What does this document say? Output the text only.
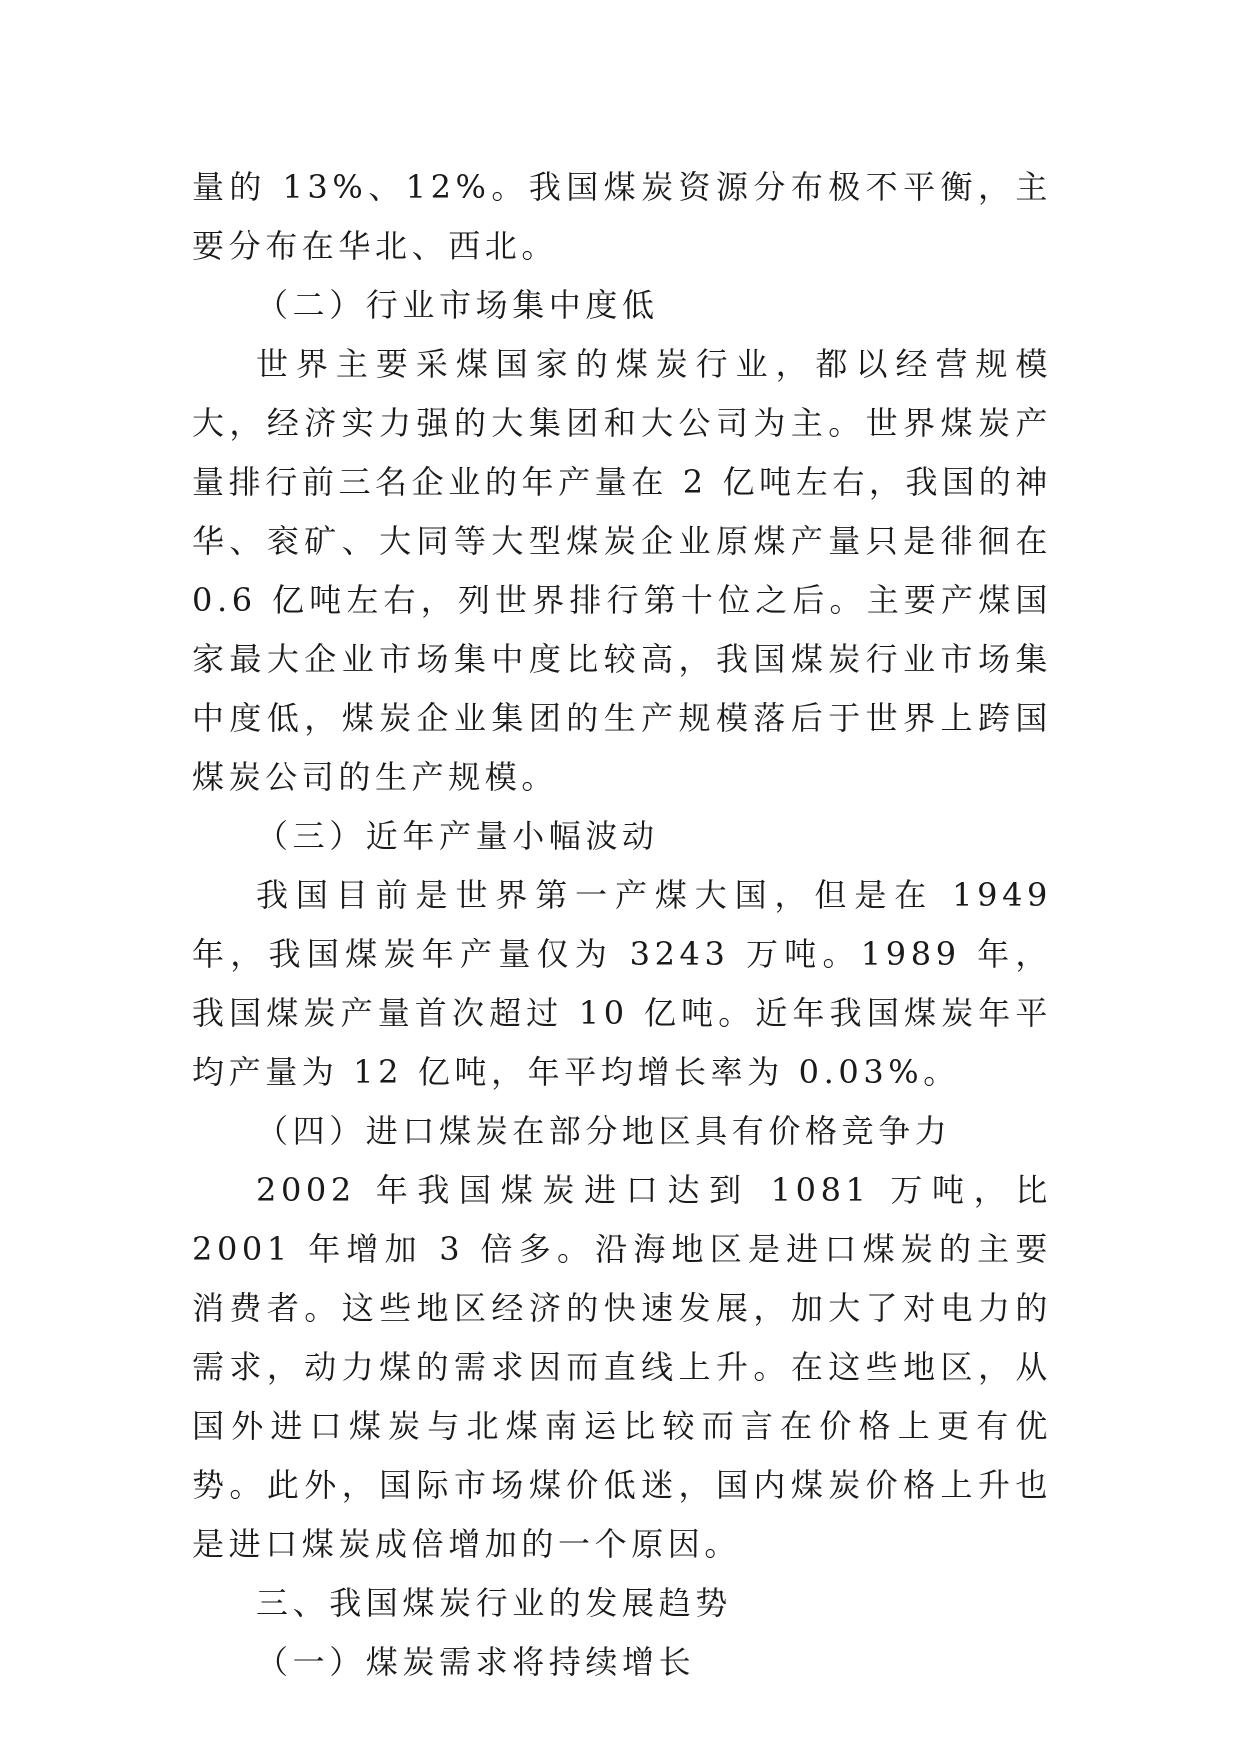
量的 13%、12%。我国煤炭资源分布极不平衡，主要分布在华北、西北。

（二）行业市场集中度低

世界主要采煤国家的煤炭行业，都以经营规模大，经济实力强的大集团和大公司为主。世界煤炭产量排行前三名企业的年产量在 2 亿吨左右，我国的神华、衮矿、大同等大型煤炭企业原煤产量只是徘徊在 0.6 亿吨左右，列世界排行第十位之后。主要产煤国家最大企业市场集中度比较高，我国煤炭行业市场集中度低，煤炭企业集团的生产规模落后于世界上跨国煤炭公司的生产规模。

（三）近年产量小幅波动

我国目前是世界第一产煤大国，但是在 1949 年，我国煤炭年产量仅为 3243 万吨。1989 年，我国煤炭产量首次超过 10 亿吨。近年我国煤炭年平均产量为 12 亿吨，年平均增长率为 0.03%。

（四）进口煤炭在部分地区具有价格竞争力

2002 年我国煤炭进口达到 1081 万吨，比 2001 年增加 3 倍多。沿海地区是进口煤炭的主要消费者。这些地区经济的快速发展，加大了对电力的需求，动力煤的需求因而直线上升。在这些地区，从国外进口煤炭与北煤南运比较而言在价格上更有优势。此外，国际市场煤价低迷，国内煤炭价格上升也是进口煤炭成倍增加的一个原因。

三、我国煤炭行业的发展趋势

（一）煤炭需求将持续增长
